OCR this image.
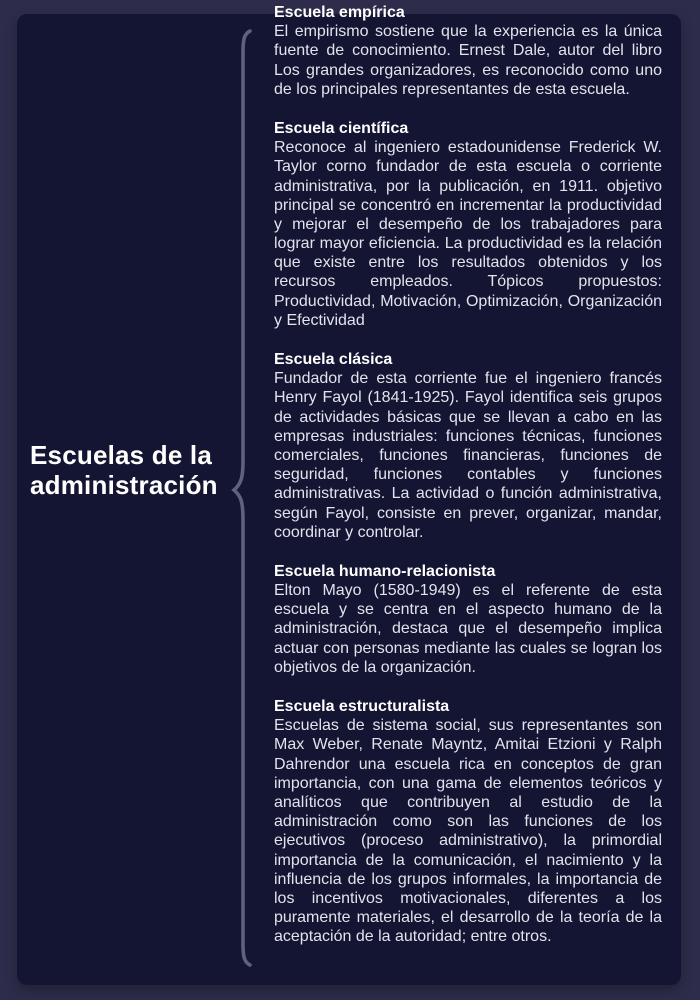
Escuelas de la administración

Escuela empírica

El empirismo sostiene que la experiencia es la única fuente de conocimiento. Ernest Dale, autor del libro Los grandes organizadores, es reconocido como uno de los principales representantes de esta escuela.

Escuela científica

Reconoce al ingeniero estadounidense Frederick W. Taylor corno fundador de esta escuela o corriente administrativa, por la publicación, en 1911. objetivo principal se concentró en incrementar la productividad y mejorar el desempeño de los trabajadores para lograr mayor eficiencia. La productividad es la relación que existe entre los resultados obtenidos y los recursos empleados. Tópicos propuestos: Productividad, Motivación, Optimización, Organización y Efectividad

Escuela clásica

Fundador de esta corriente fue el ingeniero francés Henry Fayol (1841-1925). Fayol identifica seis grupos de actividades básicas que se llevan a cabo en las empresas industriales: funciones técnicas, funciones comerciales, funciones financieras, funciones de seguridad, funciones contables y funciones administrativas. La actividad o función administrativa, según Fayol, consiste en prever, organizar, mandar, coordinar y controlar.

Escuela humano-relacionista

Elton Mayo (1580-1949) es el referente de esta escuela y se centra en el aspecto humano de la administración, destaca que el desempeño implica actuar con personas mediante las cuales se logran los objetivos de la organización.

Escuela estructuralista

Escuelas de sistema social, sus representantes son Max Weber, Renate Mayntz, Amitai Etzioni y Ralph Dahrendor una escuela rica en conceptos de gran importancia, con una gama de elementos teóricos y analíticos que contribuyen al estudio de la administración como son las funciones de los ejecutivos (proceso administrativo), la primordial importancia de la comunicación, el nacimiento y la influencia de los grupos informales, la importancia de los incentivos motivacionales, diferentes a los puramente materiales, el desarrollo de la teoría de la aceptación de la autoridad; entre otros.
